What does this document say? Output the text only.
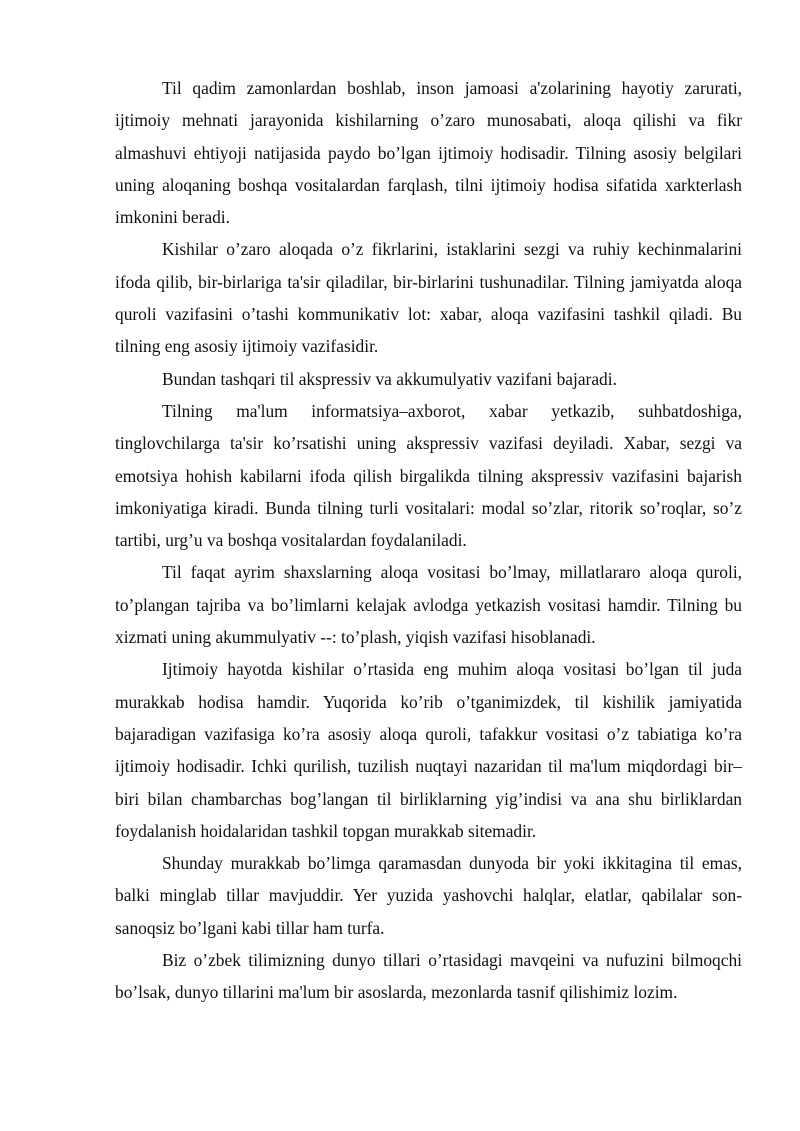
Til qadim zamonlardan boshlab, inson jamoasi a'zolarining hayotiy zarurati, ijtimoiy mehnati jarayonida kishilarning o’zaro munosabati, aloqa qilishi va fikr almashuvi ehtiyoji natijasida paydo bo’lgan ijtimoiy hodisadir. Tilning asosiy belgilari uning aloqaning boshqa vositalardan farqlash, tilni ijtimoiy hodisa sifatida xarkterlash imkonini beradi.

Kishilar o’zaro aloqada o’z fikrlarini, istaklarini sezgi va ruhiy kechinmalarini ifoda qilib, bir-birlariga ta'sir qiladilar, bir-birlarini tushunadilar. Tilning jamiyatda aloqa quroli vazifasini o’tashi kommunikativ lot: xabar, aloqa vazifasini tashkil qiladi. Bu tilning eng asosiy ijtimoiy vazifasidir.

Bundan tashqari til akspressiv va akkumulyativ vazifani bajaradi.

Tilning ma'lum informatsiya–axborot, xabar yetkazib, suhbatdoshiga, tinglovchilarga ta'sir ko’rsatishi uning akspressiv vazifasi deyiladi. Xabar, sezgi va emotsiya hohish kabilarni ifoda qilish birgalikda tilning akspressiv vazifasini bajarish imkoniyatiga kiradi. Bunda tilning turli vositalari: modal so’zlar, ritorik so’roqlar, so’z tartibi, urg’u va boshqa vositalardan foydalaniladi.

Til faqat ayrim shaxslarning aloqa vositasi bo’lmay, millatlararo aloqa quroli, to’plangan tajriba va bo’limlarni kelajak avlodga yetkazish vositasi hamdir. Tilning bu xizmati uning akummulyativ --: to’plash, yiqish vazifasi hisoblanadi.

Ijtimoiy hayotda kishilar o’rtasida eng muhim aloqa vositasi bo’lgan til juda murakkab hodisa hamdir. Yuqorida ko’rib o’tganimizdek, til kishilik jamiyatida bajaradigan vazifasiga ko’ra asosiy aloqa quroli, tafakkur vositasi o’z tabiatiga ko’ra ijtimoiy hodisadir. Ichki qurilish, tuzilish nuqtayi nazaridan til ma'lum miqdordagi bir–biri bilan chambarchas bog’langan til birliklarning yig’indisi va ana shu birliklardan foydalanish hoidalaridan tashkil topgan murakkab sitemadir.

Shunday murakkab bo’limga qaramasdan dunyoda bir yoki ikkitagina til emas, balki minglab tillar mavjuddir. Yer yuzida yashovchi halqlar, elatlar, qabilalar son-sanoqsiz bo’lgani kabi tillar ham turfa.

Biz o’zbek tilimizning dunyo tillari o’rtasidagi mavqeini va nufuzini bilmoqchi bo’lsak, dunyo tillarini ma'lum bir asoslarda, mezonlarda tasnif qilishimiz lozim.
